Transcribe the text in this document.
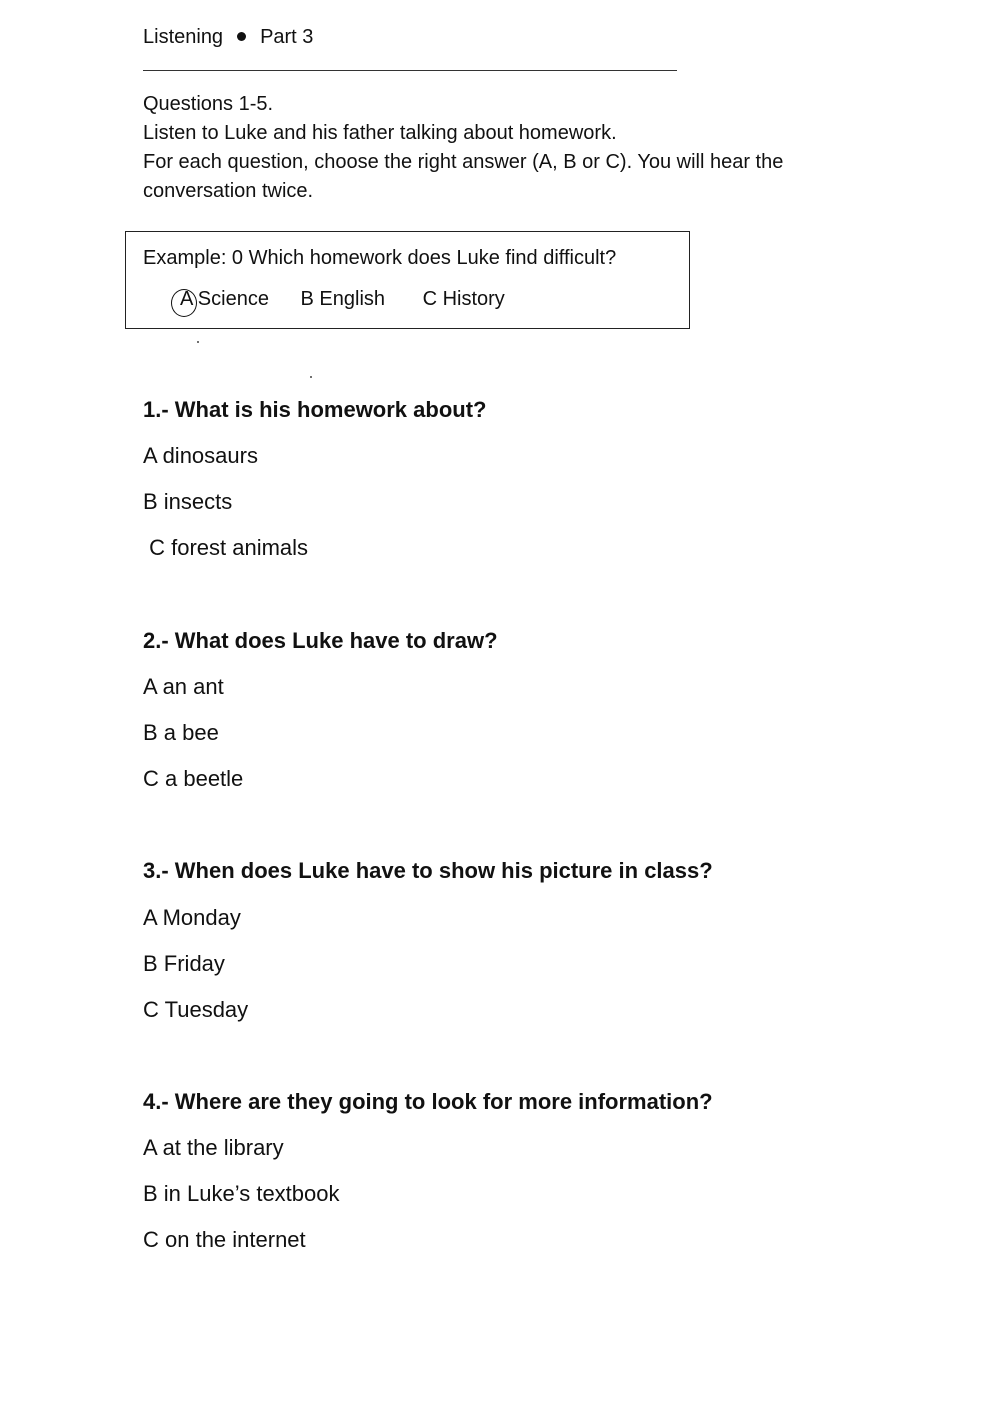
Listening Part 3
Questions 1-5.
Listen to Luke and his father talking about homework.
For each question, choose the right answer (A, B or C). You will hear the
conversation twice.
Example: 0 Which homework does Luke find difficult?
A Science B English C History
1.- What is his homework about?
A dinosaurs
B insects
C forest animals
2.- What does Luke have to draw?
A an ant
B a bee
C a beetle
3.- When does Luke have to show his picture in class?
A Monday
B Friday
C Tuesday
4.- Where are they going to look for more information?
A at the library
B in Luke’s textbook
C on the internet
